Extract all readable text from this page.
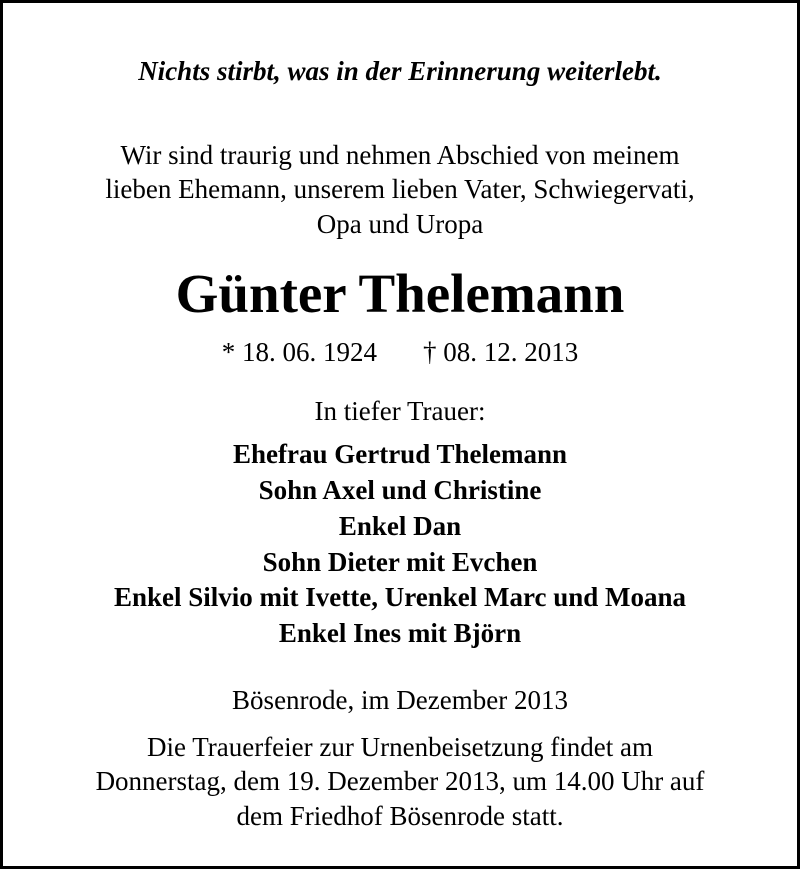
Nichts stirbt, was in der Erinnerung weiterlebt.
Wir sind traurig und nehmen Abschied von meinem
lieben Ehemann, unserem lieben Vater, Schwiegervati,
Opa und Uropa
Günter Thelemann
* 18. 06. 1924 † 08. 12. 2013
In tiefer Trauer:
Ehefrau Gertrud Thelemann
Sohn Axel und Christine
Enkel Dan
Sohn Dieter mit Evchen
Enkel Silvio mit Ivette, Urenkel Marc und Moana
Enkel Ines mit Björn
Bösenrode, im Dezember 2013
Die Trauerfeier zur Urnenbeisetzung findet am
Donnerstag, dem 19. Dezember 2013, um 14.00 Uhr auf
dem Friedhof Bösenrode statt.
